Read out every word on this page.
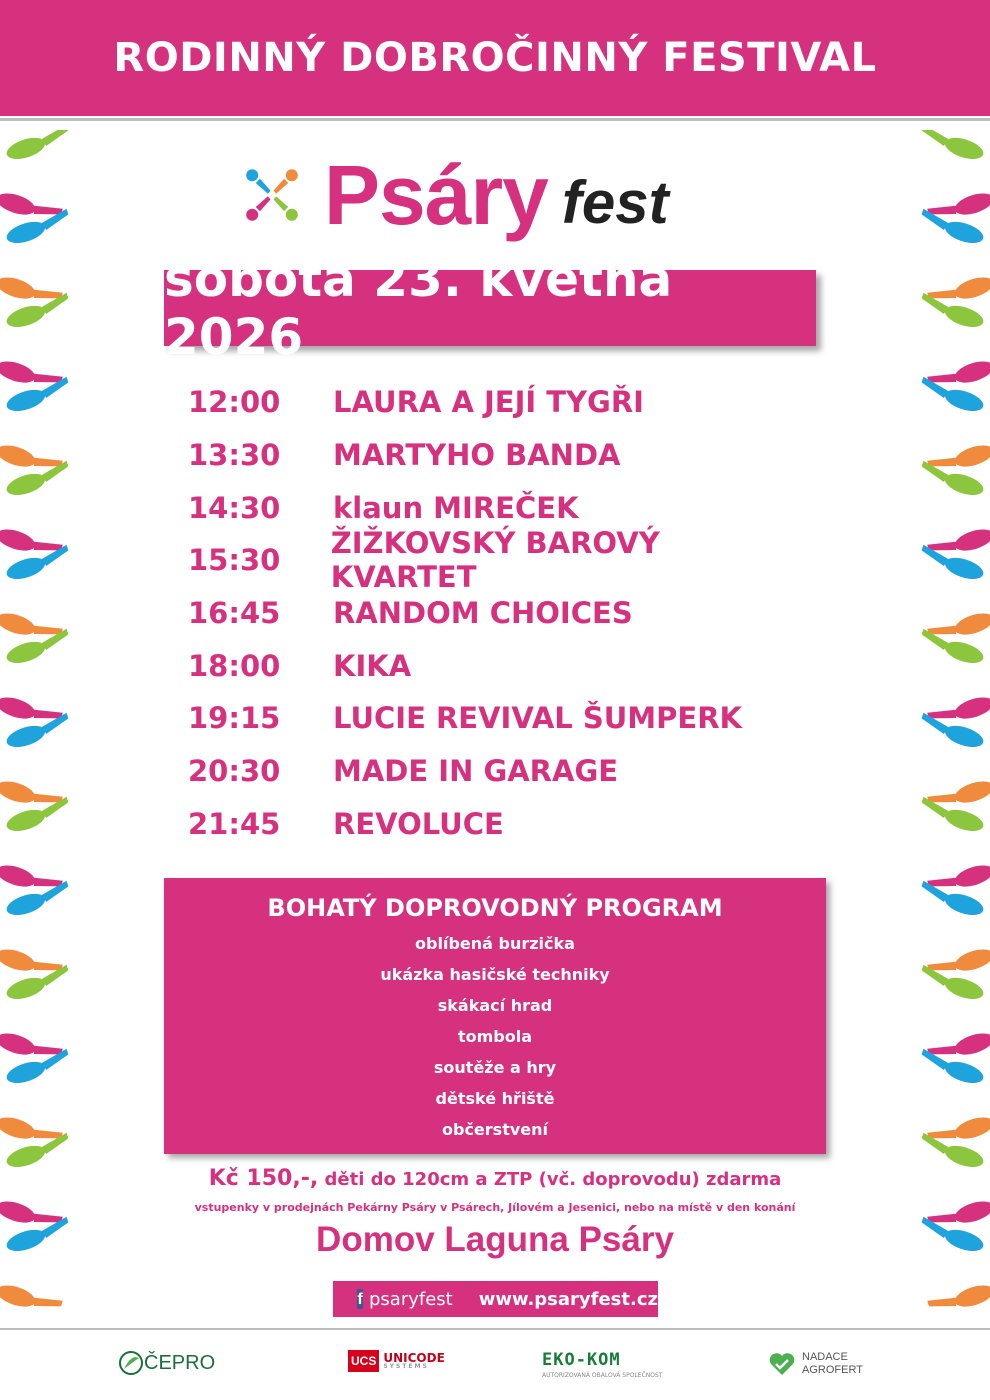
RODINNÝ DOBROČINNÝ FESTIVAL
Psáry fest
sobota 23. května 2026
12:00	LAURA A JEJÍ TYGŘI
13:30	MARTYHO BANDA
14:30	klaun MIREČEK
15:30	ŽIŽKOVSKÝ BAROVÝ KVARTET
16:45	RANDOM CHOICES
18:00	KIKA
19:15	LUCIE REVIVAL ŠUMPERK
20:30	MADE IN GARAGE
21:45	REVOLUCE
BOHATÝ DOPROVODNÝ PROGRAM
oblíbená burzička
ukázka hasičské techniky
skákací hrad
tombola
soutěže a hry
dětské hřiště
občerstvení
Kč 150,-, děti do 120cm a ZTP (vč. doprovodu) zdarma
vstupenky v prodejnách Pekárny Psáry v Psárech, Jílovém a Jesenici, nebo na místě v den konání
Domov Laguna Psáry
f psaryfest www.psaryfest.cz
ČEPRO	UCS UNICODE
SYSTEMS	EKO-KOM
AUTORIZOVANÁ OBALOVÁ SPOLEČNOST
NADACE
AGROFERT
